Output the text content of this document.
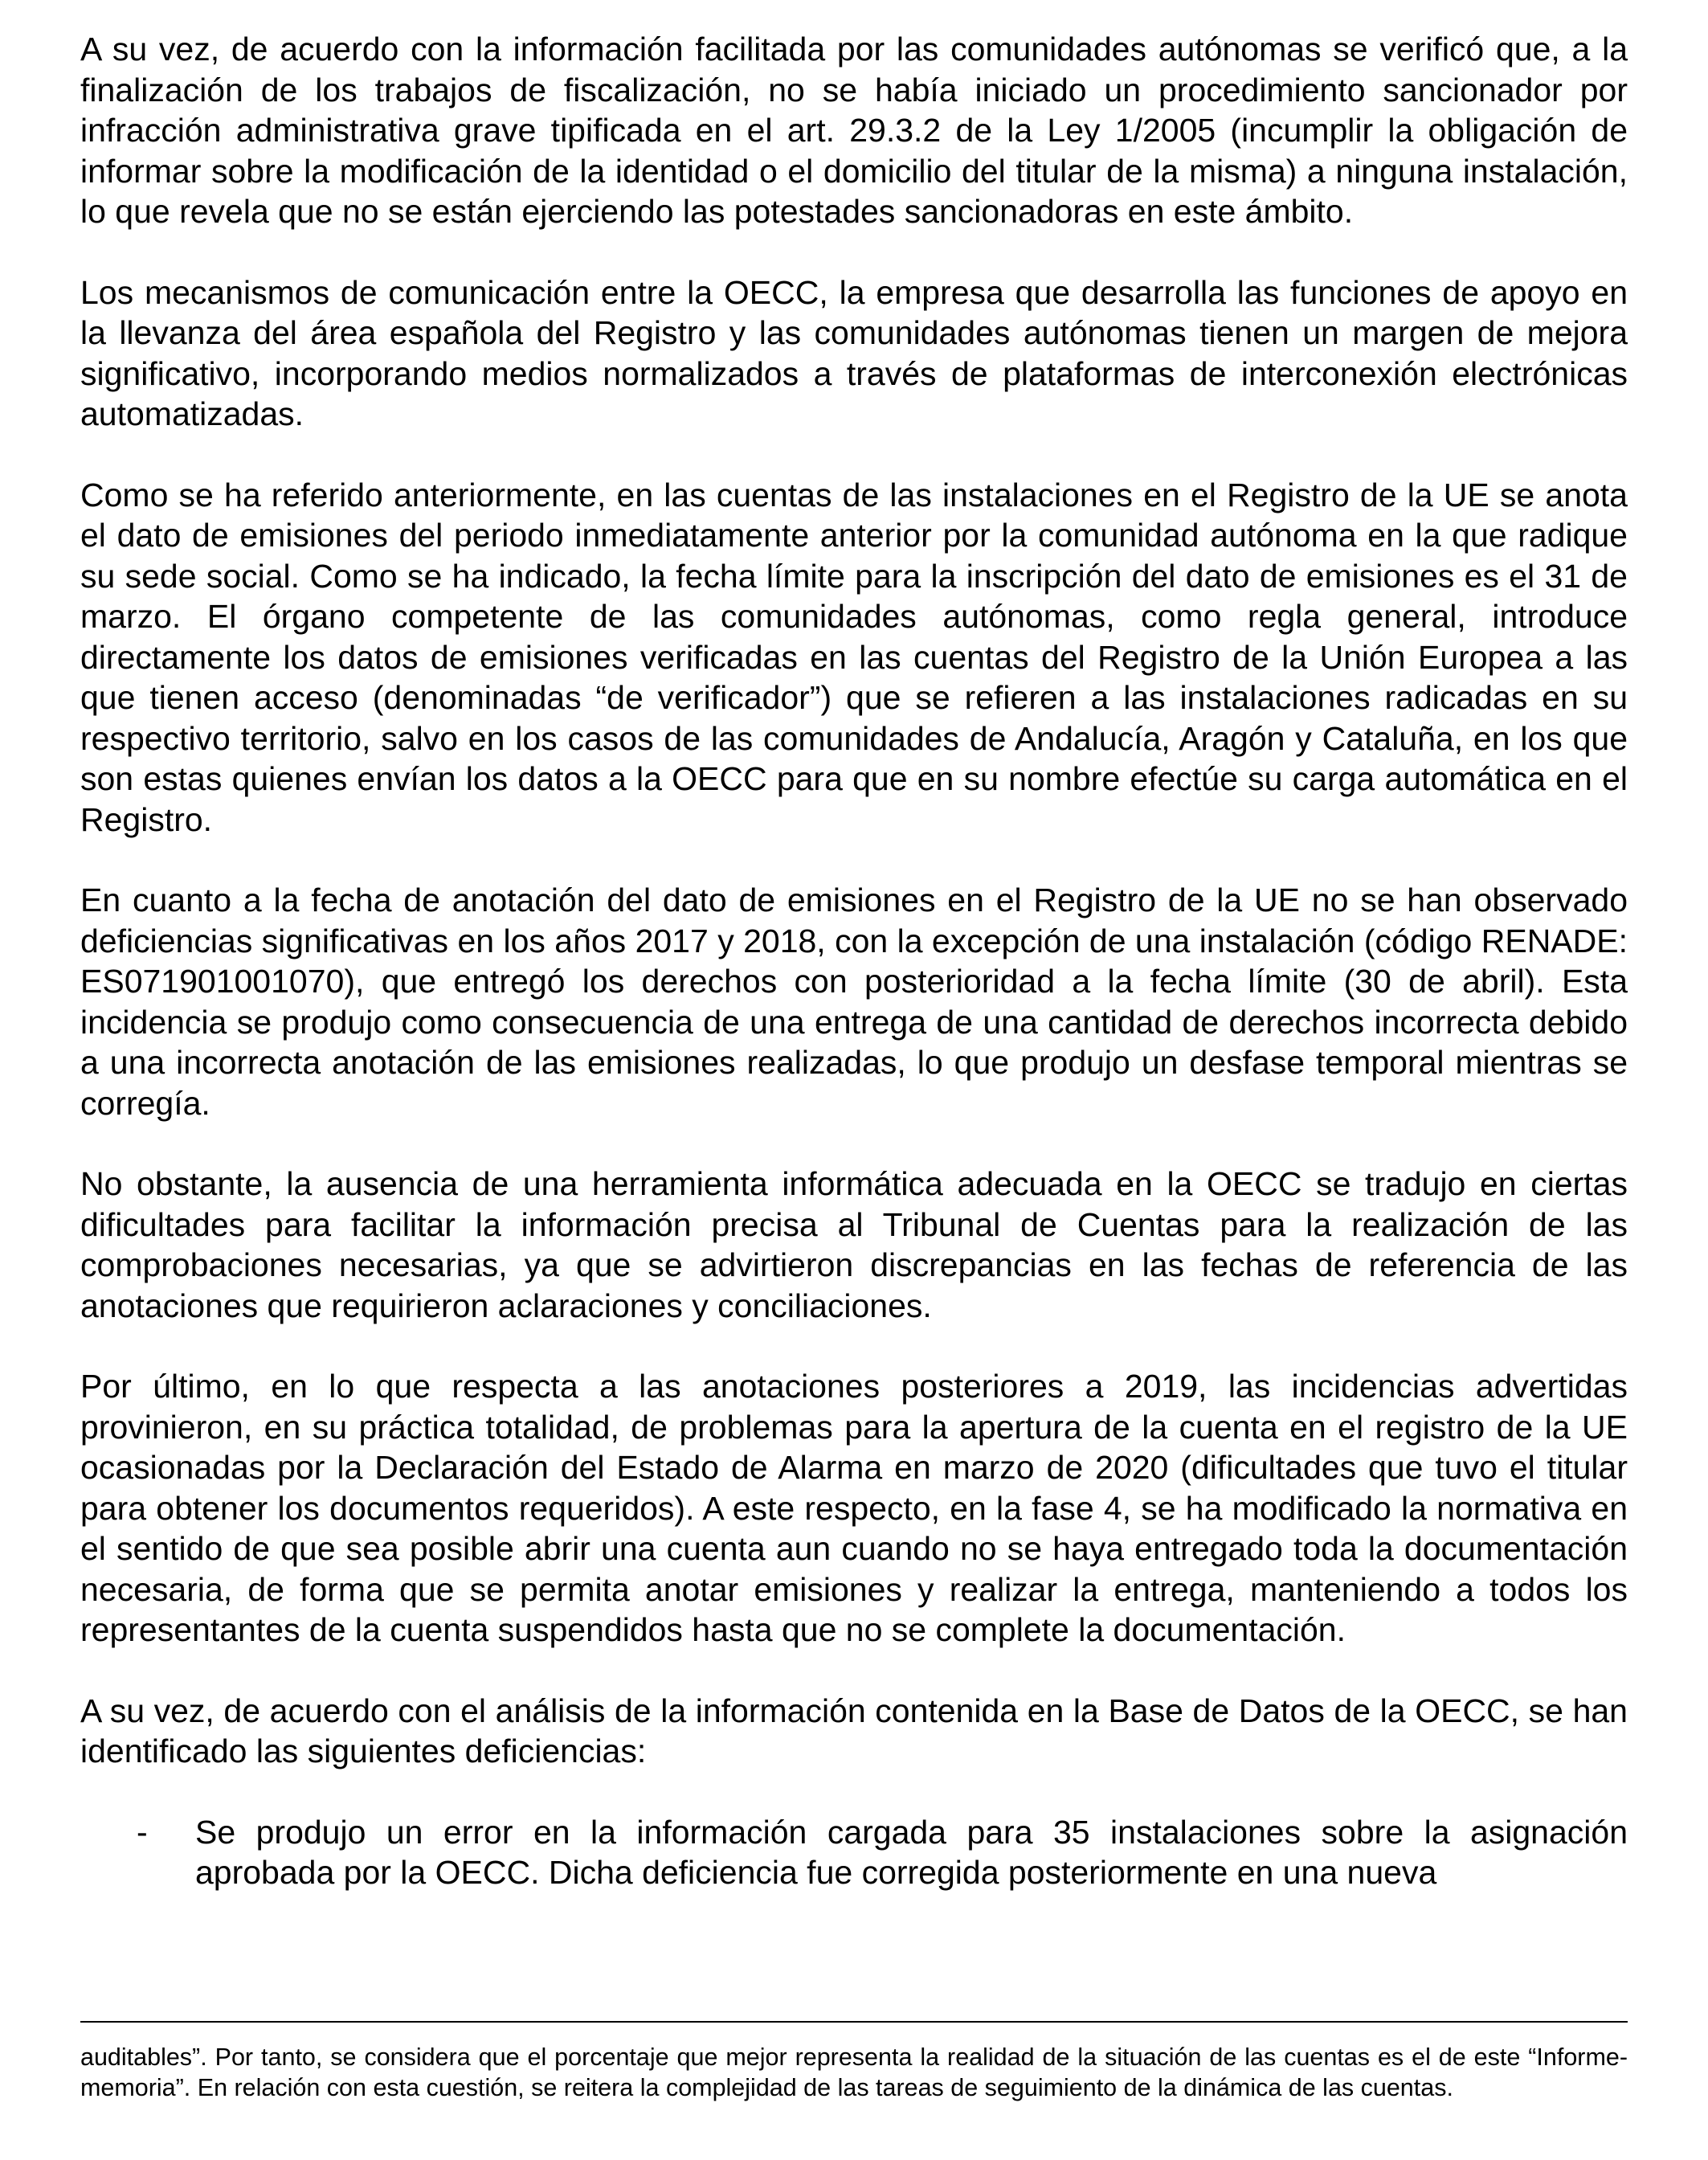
A su vez, de acuerdo con la información facilitada por las comunidades autónomas se verificó que, a la finalización de los trabajos de fiscalización, no se había iniciado un procedimiento sancionador por infracción administrativa grave tipificada en el art. 29.3.2 de la Ley 1/2005 (incumplir la obligación de informar sobre la modificación de la identidad o el domicilio del titular de la misma) a ninguna instalación, lo que revela que no se están ejerciendo las potestades sancionadoras en este ámbito.

Los mecanismos de comunicación entre la OECC, la empresa que desarrolla las funciones de apoyo en la llevanza del área española del Registro y las comunidades autónomas tienen un margen de mejora significativo, incorporando medios normalizados a través de plataformas de interconexión electrónicas automatizadas.

Como se ha referido anteriormente, en las cuentas de las instalaciones en el Registro de la UE se anota el dato de emisiones del periodo inmediatamente anterior por la comunidad autónoma en la que radique su sede social. Como se ha indicado, la fecha límite para la inscripción del dato de emisiones es el 31 de marzo. El órgano competente de las comunidades autónomas, como regla general, introduce directamente los datos de emisiones verificadas en las cuentas del Registro de la Unión Europea a las que tienen acceso (denominadas “de verificador”) que se refieren a las instalaciones radicadas en su respectivo territorio, salvo en los casos de las comunidades de Andalucía, Aragón y Cataluña, en los que son estas quienes envían los datos a la OECC para que en su nombre efectúe su carga automática en el Registro.

En cuanto a la fecha de anotación del dato de emisiones en el Registro de la UE no se han observado deficiencias significativas en los años 2017 y 2018, con la excepción de una instalación (código RENADE: ES071901001070), que entregó los derechos con posterioridad a la fecha límite (30 de abril). Esta incidencia se produjo como consecuencia de una entrega de una cantidad de derechos incorrecta debido a una incorrecta anotación de las emisiones realizadas, lo que produjo un desfase temporal mientras se corregía.

No obstante, la ausencia de una herramienta informática adecuada en la OECC se tradujo en ciertas dificultades para facilitar la información precisa al Tribunal de Cuentas para la realización de las comprobaciones necesarias, ya que se advirtieron discrepancias en las fechas de referencia de las anotaciones que requirieron aclaraciones y conciliaciones.

Por último, en lo que respecta a las anotaciones posteriores a 2019, las incidencias advertidas provinieron, en su práctica totalidad, de problemas para la apertura de la cuenta en el registro de la UE ocasionadas por la Declaración del Estado de Alarma en marzo de 2020 (dificultades que tuvo el titular para obtener los documentos requeridos). A este respecto, en la fase 4, se ha modificado la normativa en el sentido de que sea posible abrir una cuenta aun cuando no se haya entregado toda la documentación necesaria, de forma que se permita anotar emisiones y realizar la entrega, manteniendo a todos los representantes de la cuenta suspendidos hasta que no se complete la documentación.

A su vez, de acuerdo con el análisis de la información contenida en la Base de Datos de la OECC, se han identificado las siguientes deficiencias:

- Se produjo un error en la información cargada para 35 instalaciones sobre la asignación aprobada por la OECC. Dicha deficiencia fue corregida posteriormente en una nueva

auditables”. Por tanto, se considera que el porcentaje que mejor representa la realidad de la situación de las cuentas es el de este “Informe-memoria”. En relación con esta cuestión, se reitera la complejidad de las tareas de seguimiento de la dinámica de las cuentas.
